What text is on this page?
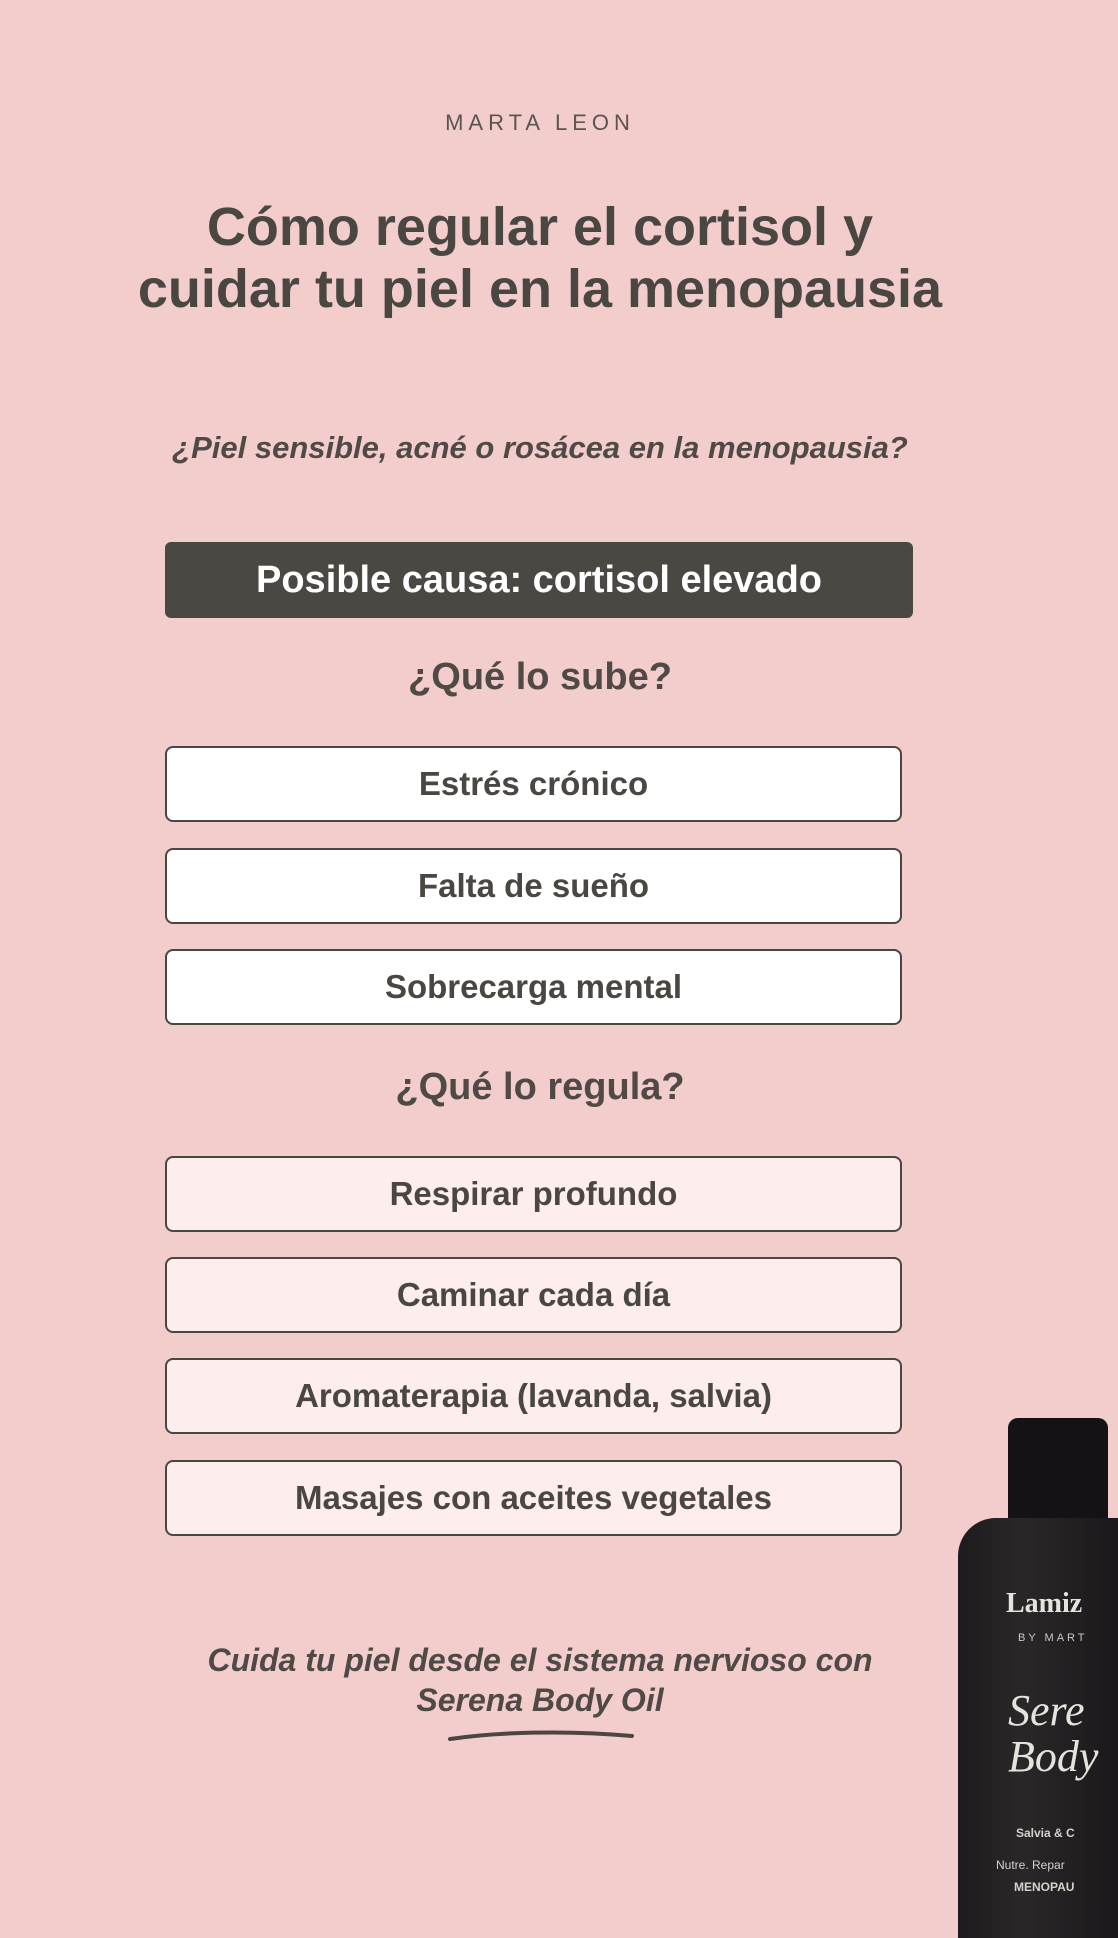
MARTA LEON
Cómo regular el cortisol y cuidar tu piel en la menopausia
¿Piel sensible, acné o rosácea en la menopausia?
Posible causa: cortisol elevado
¿Qué lo sube?
Estrés crónico
Falta de sueño
Sobrecarga mental
¿Qué lo regula?
Respirar profundo
Caminar cada día
Aromaterapia (lavanda, salvia)
Masajes con aceites vegetales
Cuida tu piel desde el sistema nervioso con
Serena Body Oil
Lamiz
BY MART
Sere
Body
Salvia & C
Nutre. Repar
MENOPAU
